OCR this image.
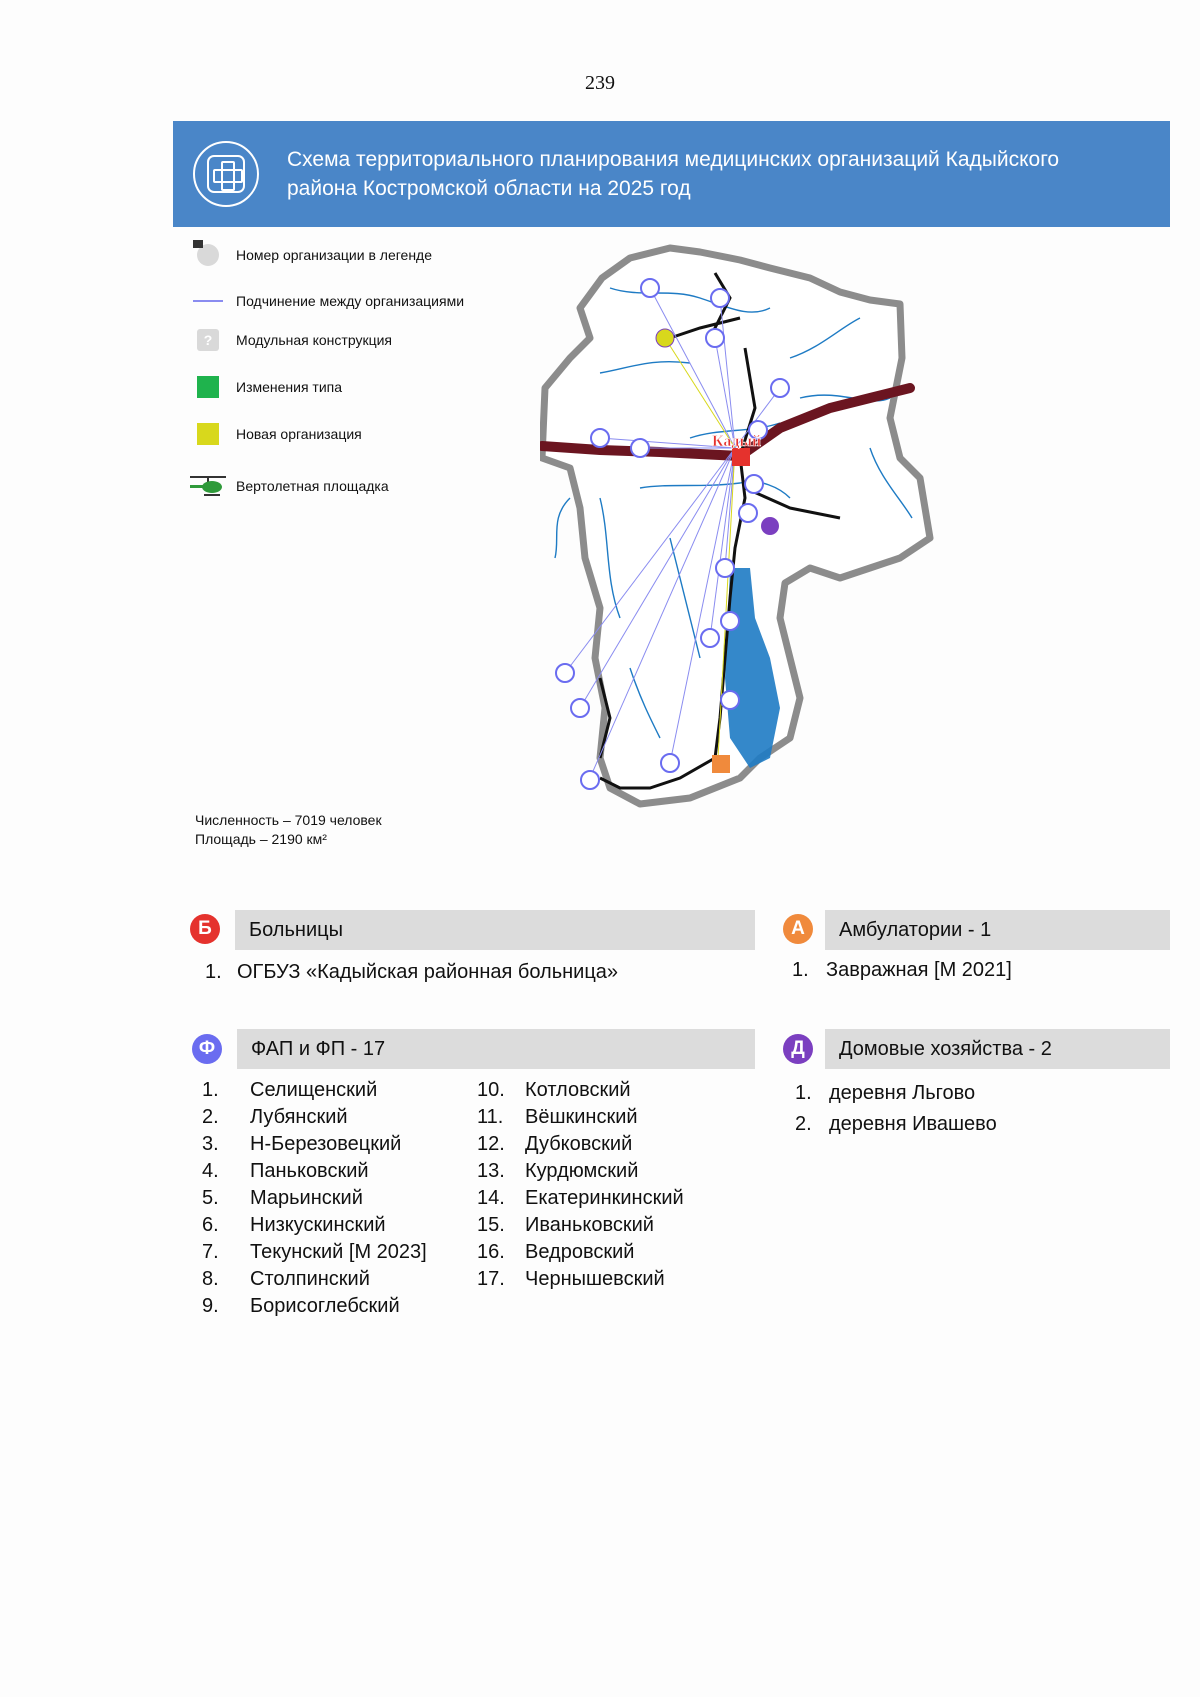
239
Схема территориального планирования медицинских организаций Кадыйского
района Костромской области на 2025 год
Номер организации в легенде
Подчинение между организациями
?	Модульная конструкция
Изменения типа
Новая организация
Вертолетная площадка
Численность – 7019 человек
Площадь – 2190 км²
Кадый
Б	Больницы
1. ОГБУЗ «Кадыйская районная больница»
А	Амбулатории - 1
1. Завражная [М 2021]
Ф	ФАП и ФП - 17
1.	Селищенский
2.	Лубянский
3.	Н-Березовецкий
4.	Паньковский
5.	Марьинский
6.	Низкускинский
7.	Текунский [М 2023]
8.	Столпинский
9.	Борисоглебский
10.	Котловский
11.	Вёшкинский
12.	Дубковский
13.	Курдюмский
14.	Екатеринкинский
15.	Иваньковский
16.	Ведровский
17.	Чернышевский
Д	Домовые хозяйства - 2
1. деревня Льгово
2. деревня Ивашево
